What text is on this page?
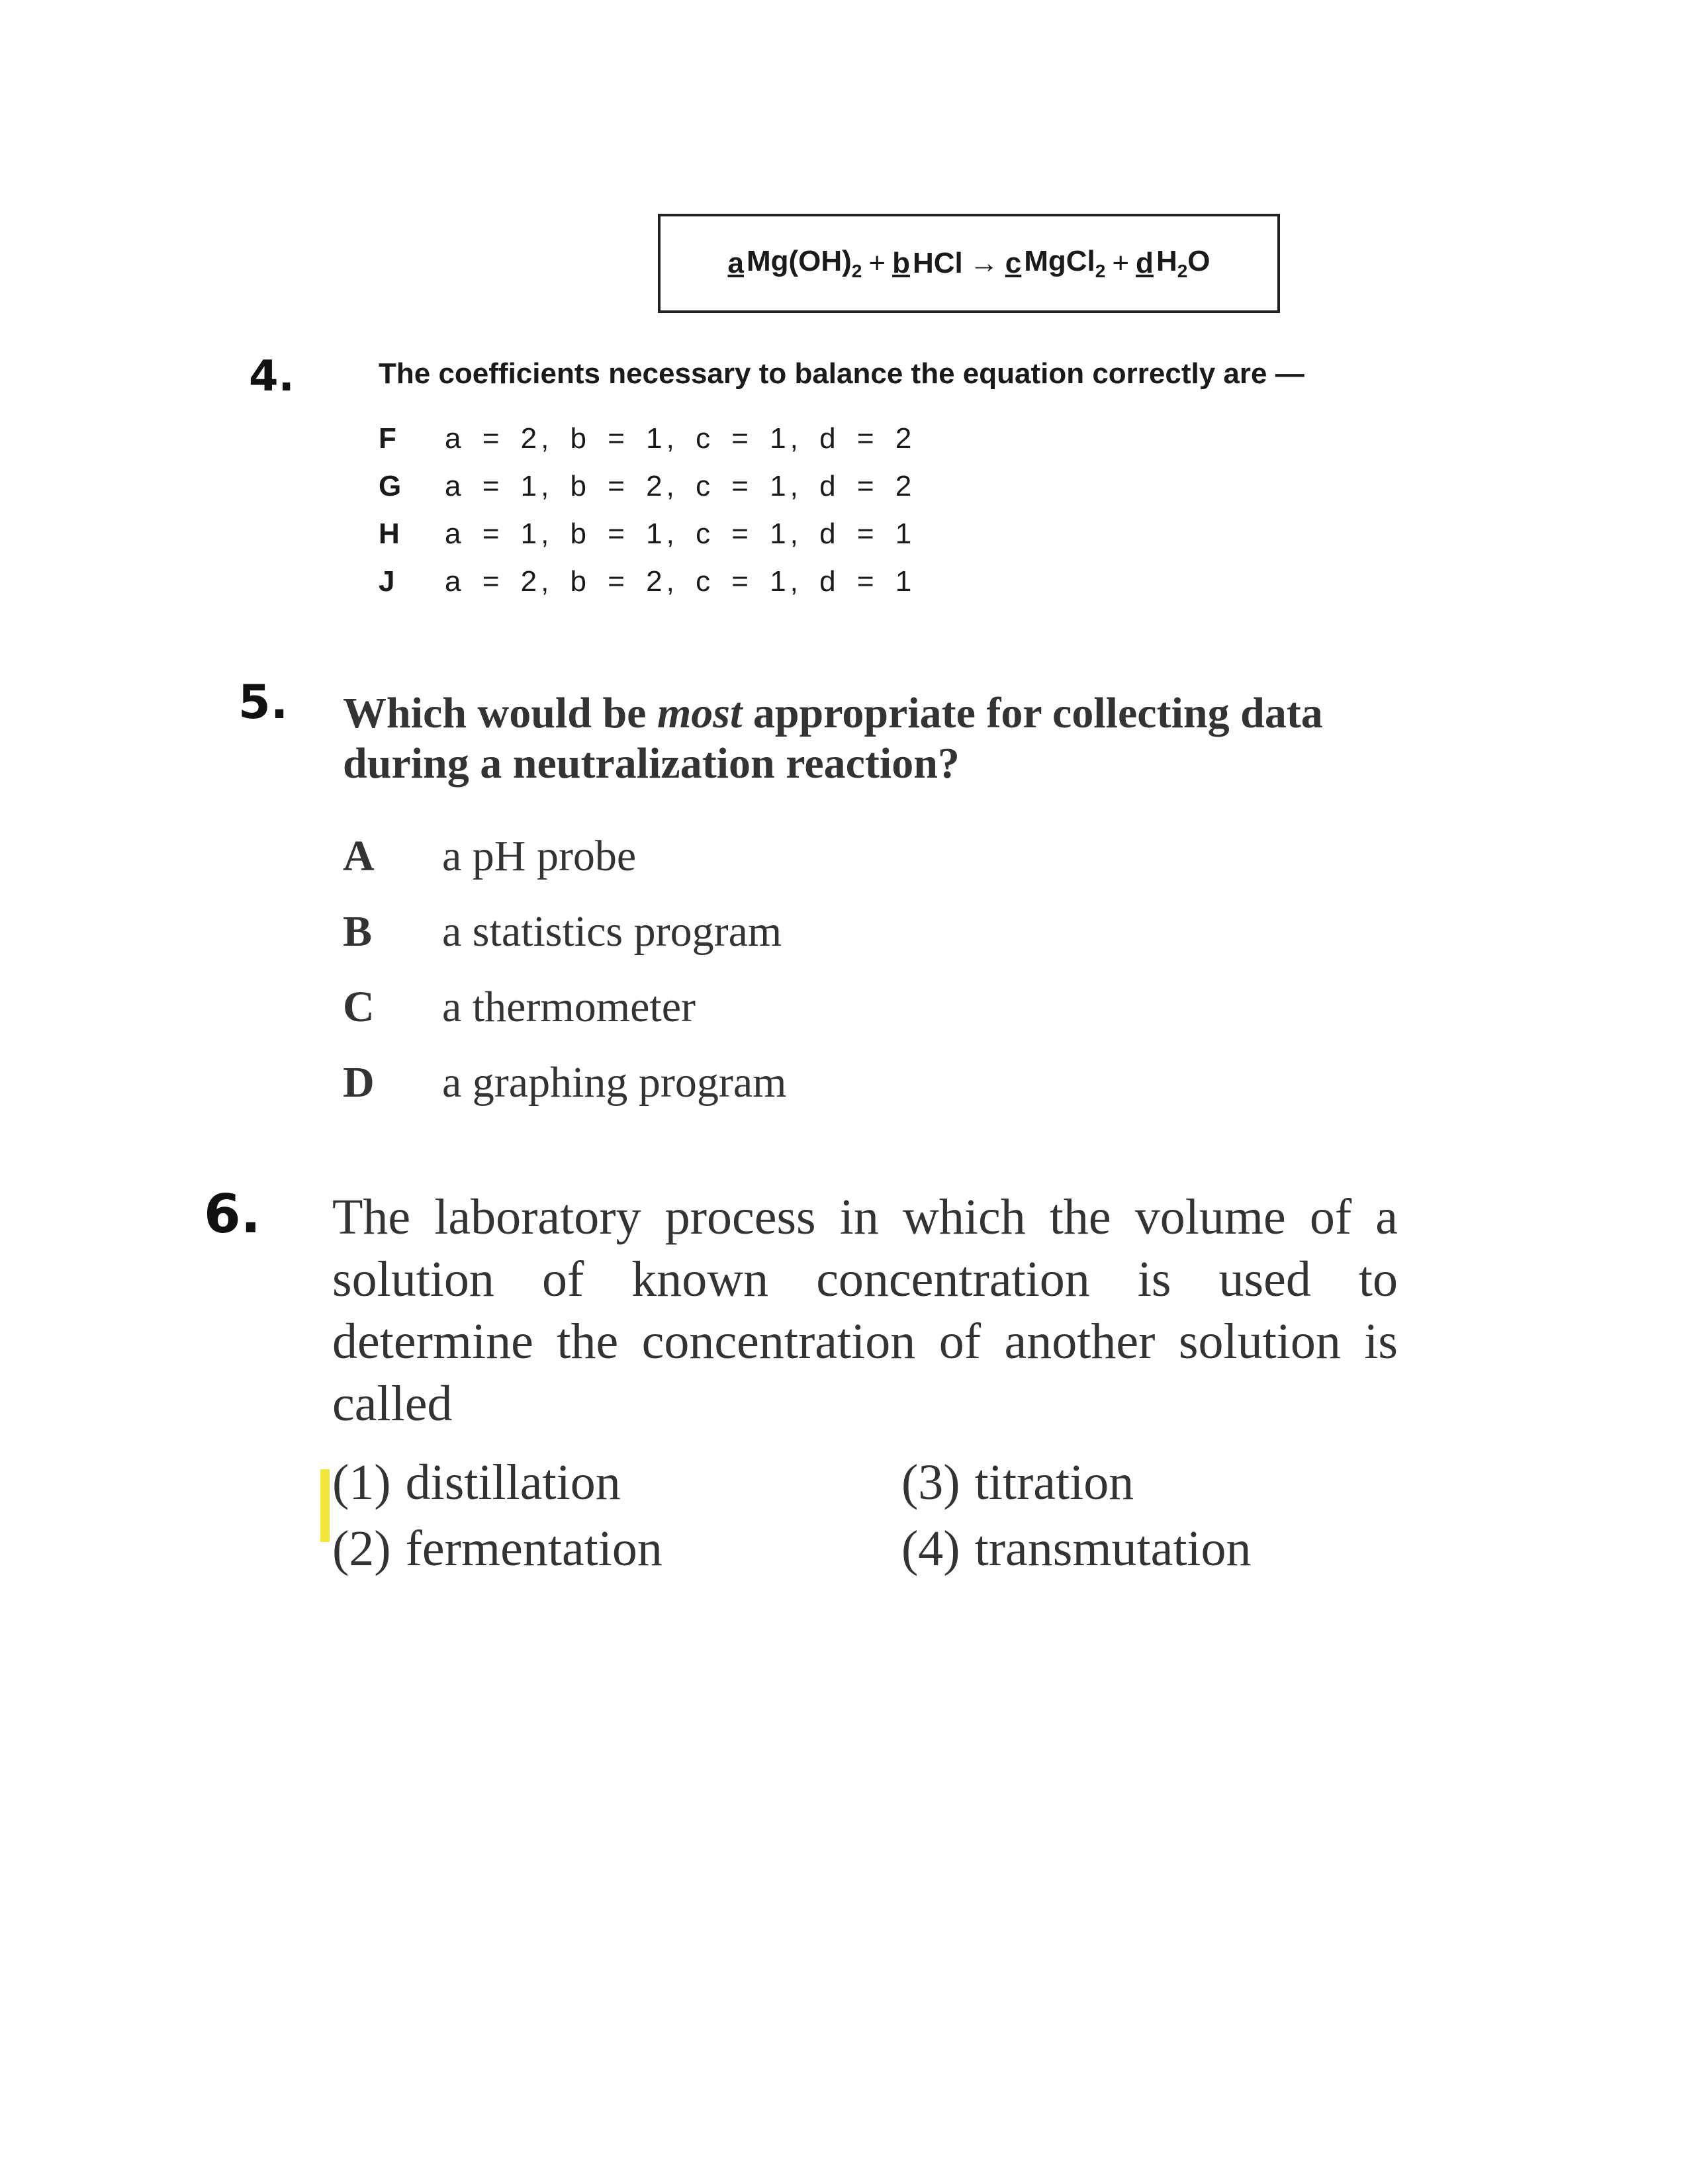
a $Mg(OH)_2 + b$ HCl → c MgCl$_2$ + d $H_2O$
4.	The coefficients necessary to balance the equation correctly are —
F	a = 2, b = 1, c = 1, d = 2
G	a = 1, b = 2, c = 1, d = 2
H	a = 1, b = 1, c = 1, d = 1
J	a = 2, b = 2, c = 1, d = 1
5. Which would be most appropriate for collecting data during a neutralization reaction?
A	a pH probe
B	a statistics program
C	a thermometer
D	a graphing program
6. The laboratory process in which the volume of a solution of known concentration is used to determine the concentration of another solution is called
(1) distillation	(3) titration
(2) fermentation	(4) transmutation
